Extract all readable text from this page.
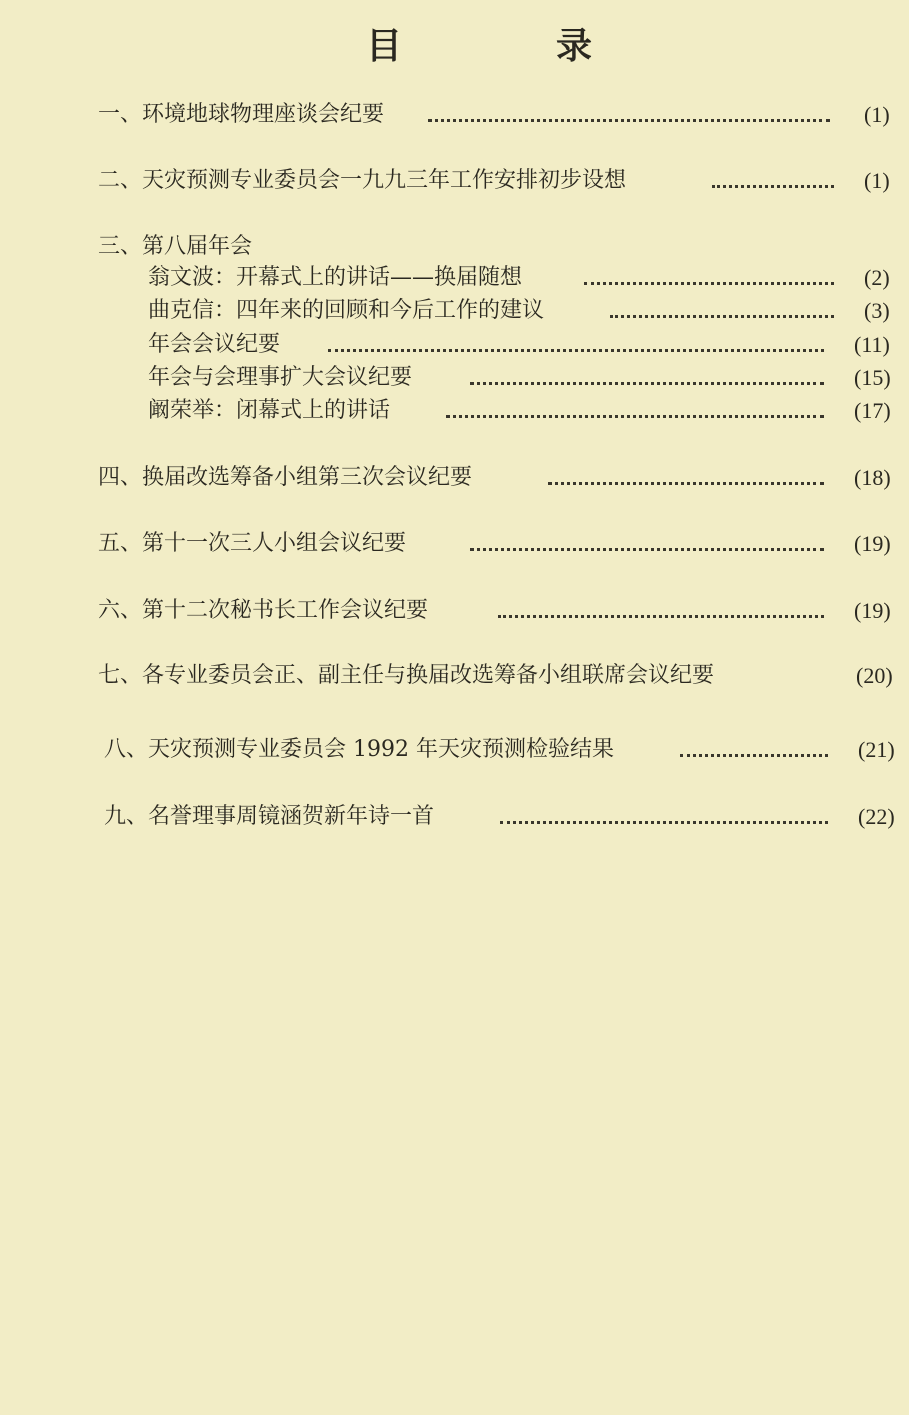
目	录
一、环境地球物理座谈会纪要	(1)
二、天灾预测专业委员会一九九三年工作安排初步设想	(1)
三、第八届年会
翁文波：开幕式上的讲话——换届随想	(2)
曲克信：四年来的回顾和今后工作的建议	(3)
年会会议纪要	(11)
年会与会理事扩大会议纪要	(15)
阚荣举：闭幕式上的讲话	(17)
四、换届改选筹备小组第三次会议纪要	(18)
五、第十一次三人小组会议纪要	(19)
六、第十二次秘书长工作会议纪要	(19)
七、各专业委员会正、副主任与换届改选筹备小组联席会议纪要	(20)
八、天灾预测专业委员会 1992 年天灾预测检验结果	(21)
九、名誉理事周镜涵贺新年诗一首	(22)
